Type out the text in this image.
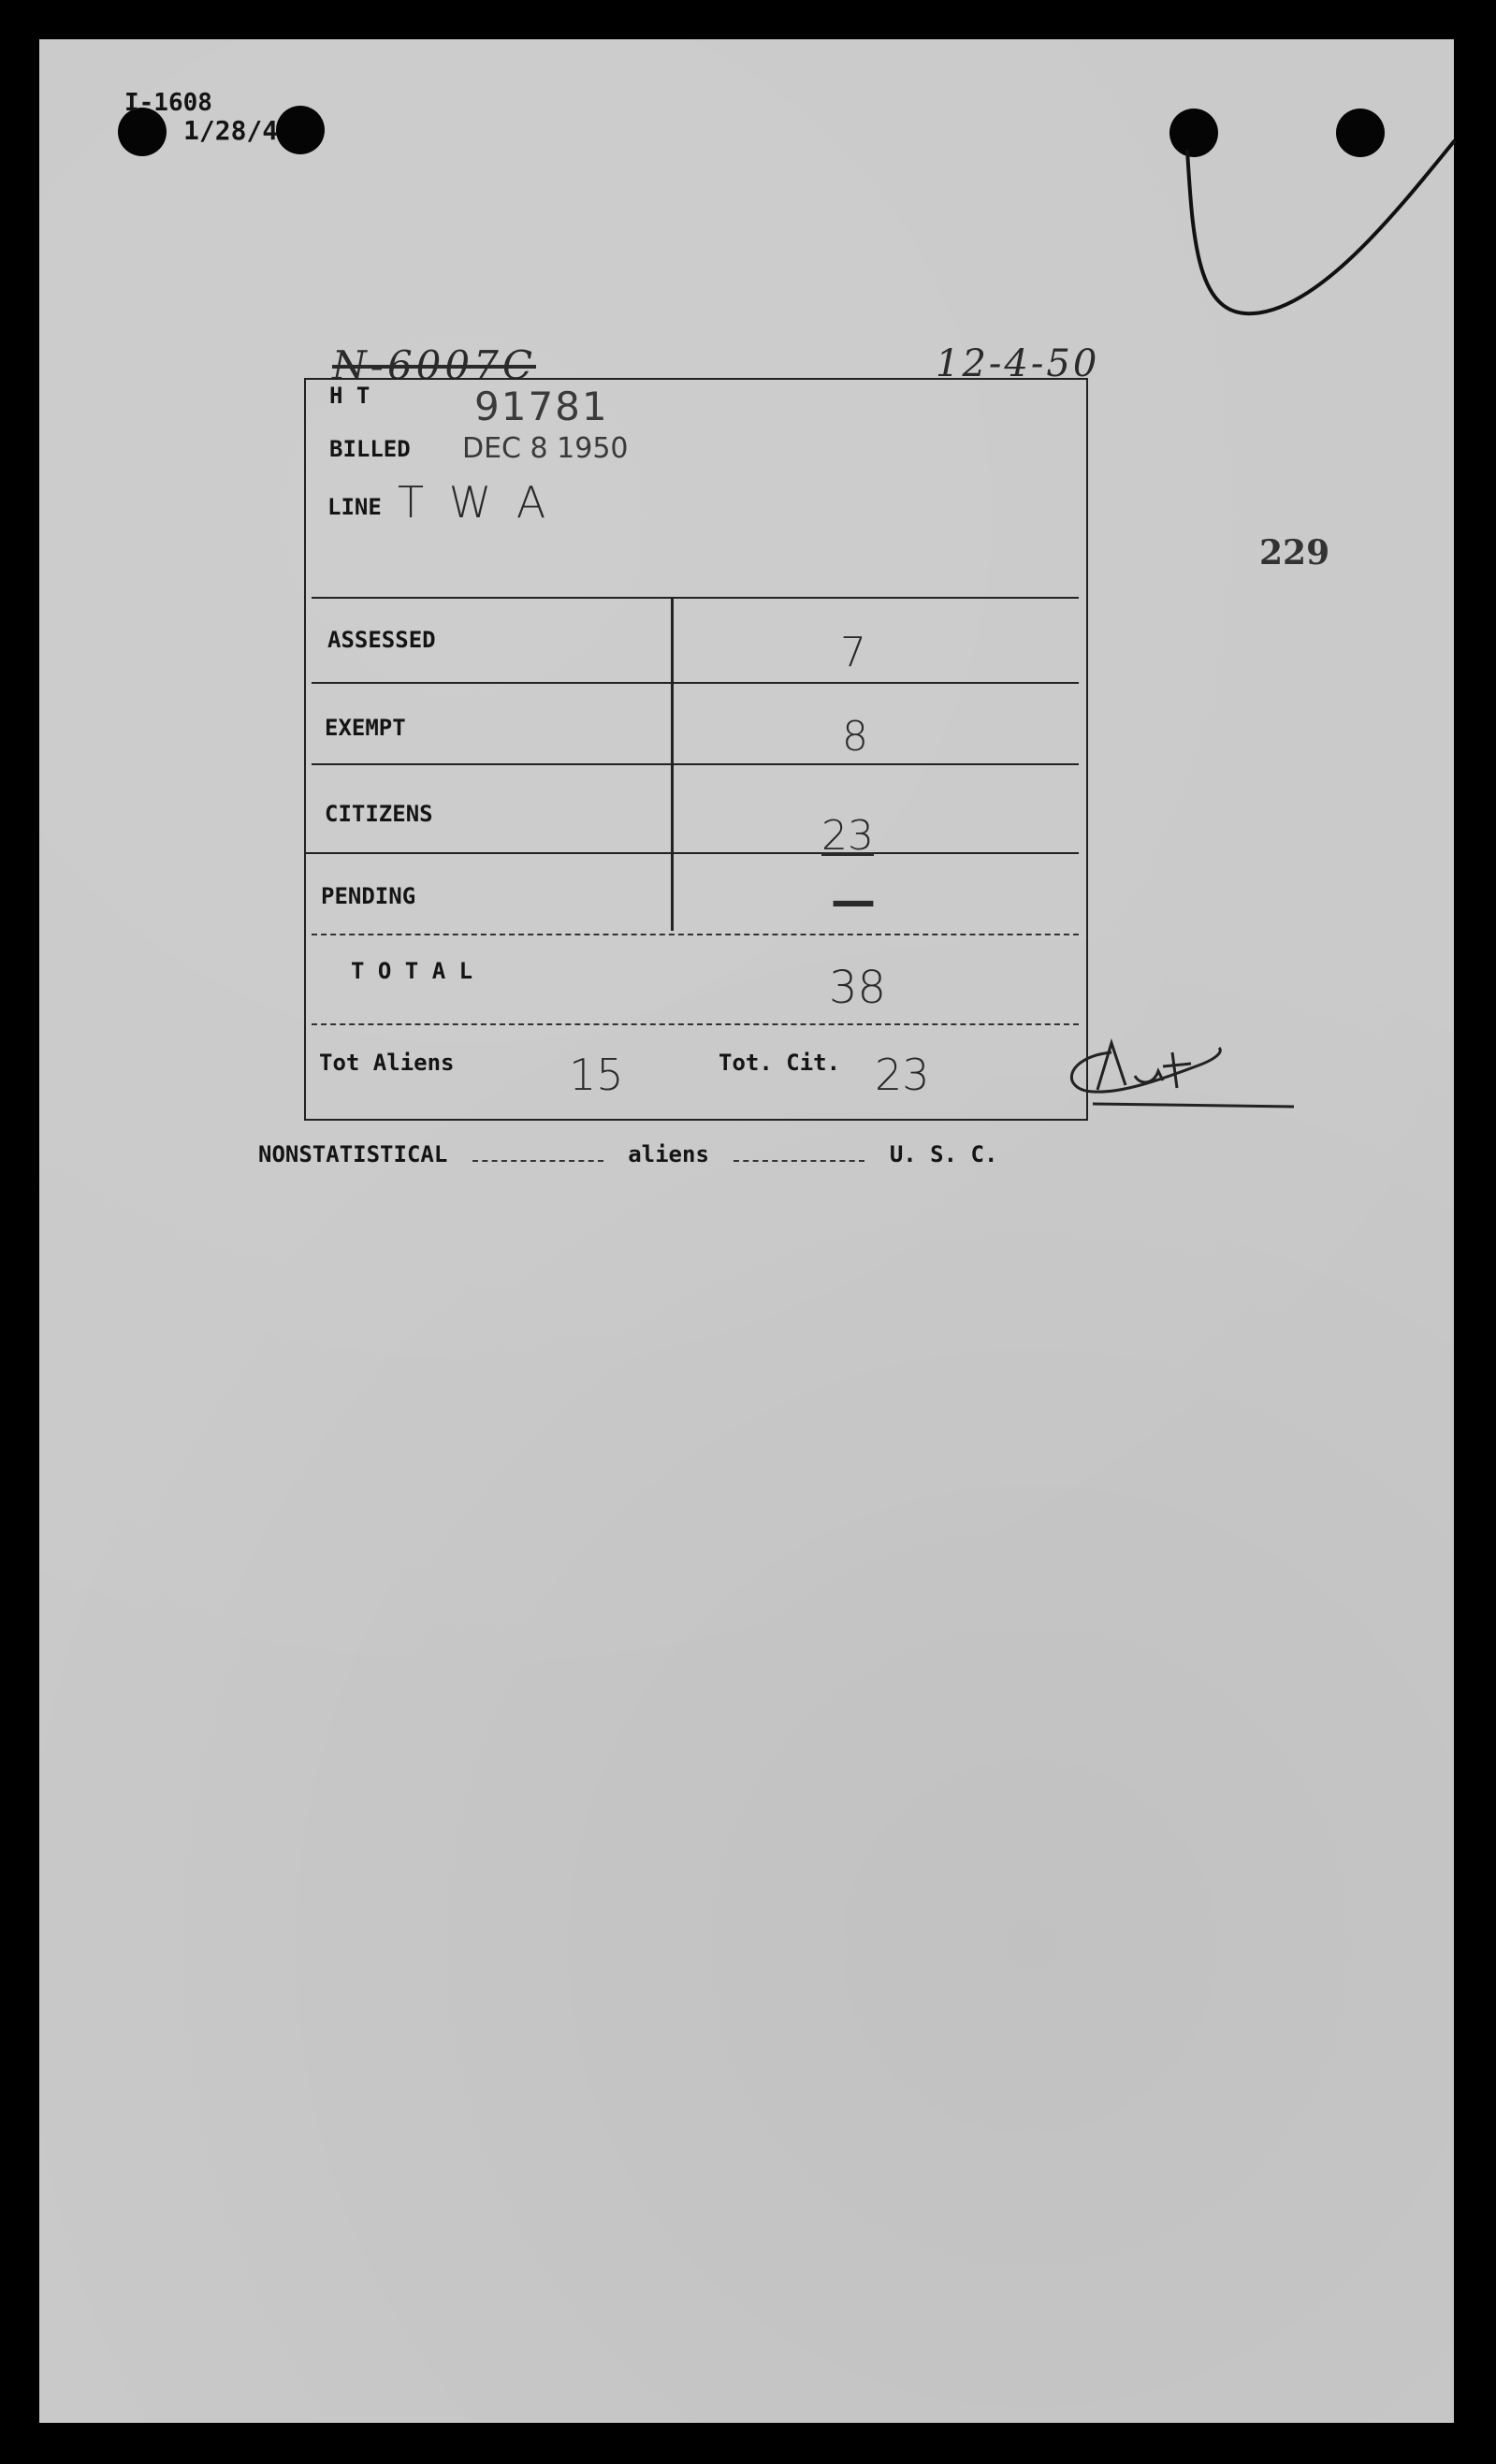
I-1608
1/28/4
N-6007C	12-4-50
229
H T	91781
BILLED DEC 8 1950
LINE T W A
ASSESSED	7
EXEMPT	8
CITIZENS	23
PENDING	—
T O T A L	38
Tot Aliens	15	Tot. Cit. 23
NONSTATISTICAL	aliens	U. S. C.
